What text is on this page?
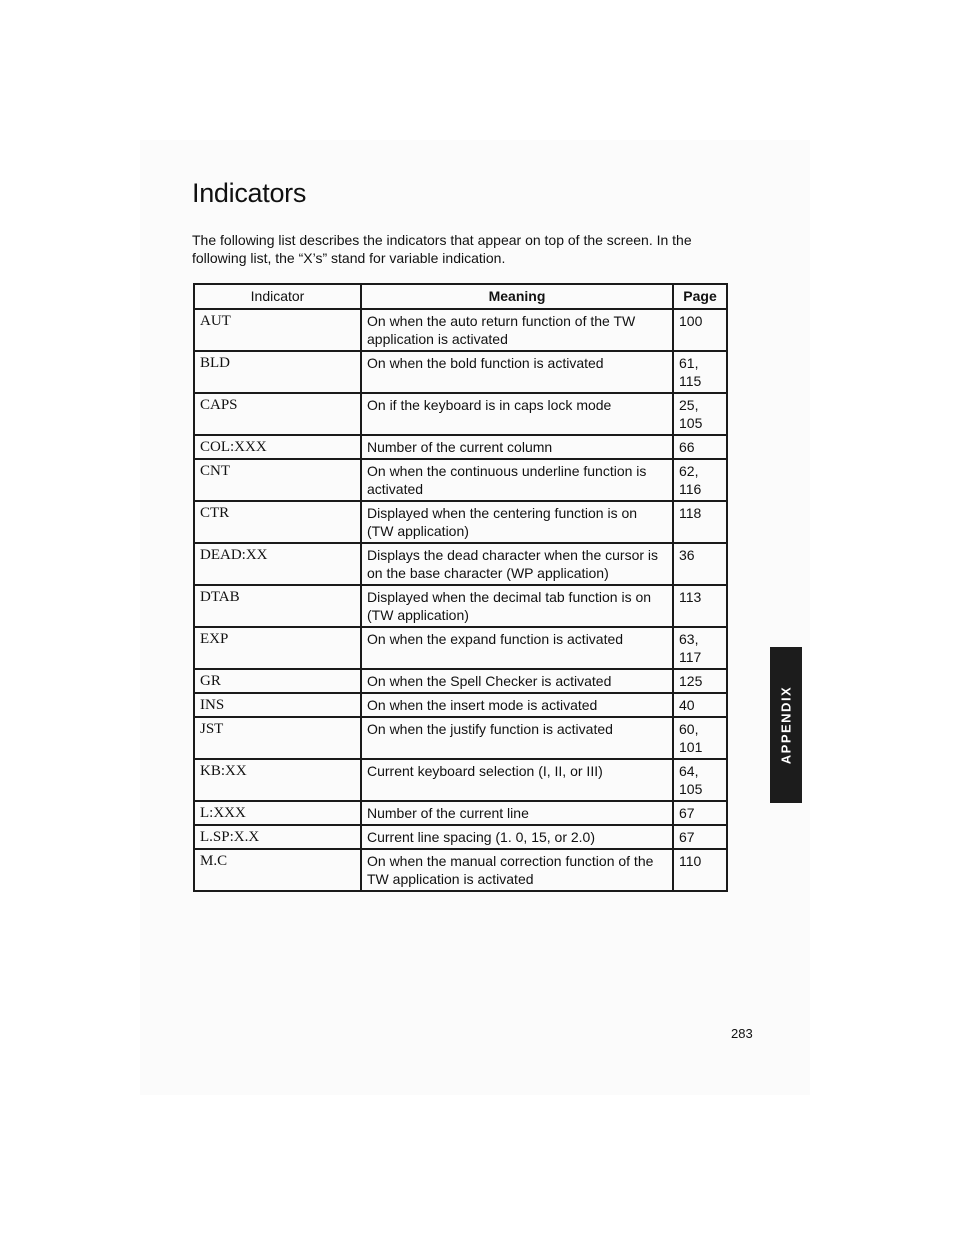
Indicators

The following list describes the indicators that appear on top of the screen. In the following list, the “X’s” stand for variable indication.

Indicator	Meaning	Page
AUT	On when the auto return function of the TW application is activated	100
BLD	On when the bold function is activated	61, 115
CAPS	On if the keyboard is in caps lock mode	25, 105
COL:XXX	Number of the current column	66
CNT	On when the continuous underline function is activated	62, 116
CTR	Displayed when the centering function is on (TW application)	118
DEAD:XX	Displays the dead character when the cursor is on the base character (WP application)	36
DTAB	Displayed when the decimal tab function is on (TW application)	113
EXP	On when the expand function is activated	63, 117
GR	On when the Spell Checker is activated	125
INS	On when the insert mode is activated	40
JST	On when the justify function is activated	60, 101
KB:XX	Current keyboard selection (I, II, or III)	64, 105
L:XXX	Number of the current line	67
L.SP:X.X	Current line spacing (1. 0, 15, or 2.0)	67
M.C	On when the manual correction function of the TW application is activated	110
APPENDIX
283
